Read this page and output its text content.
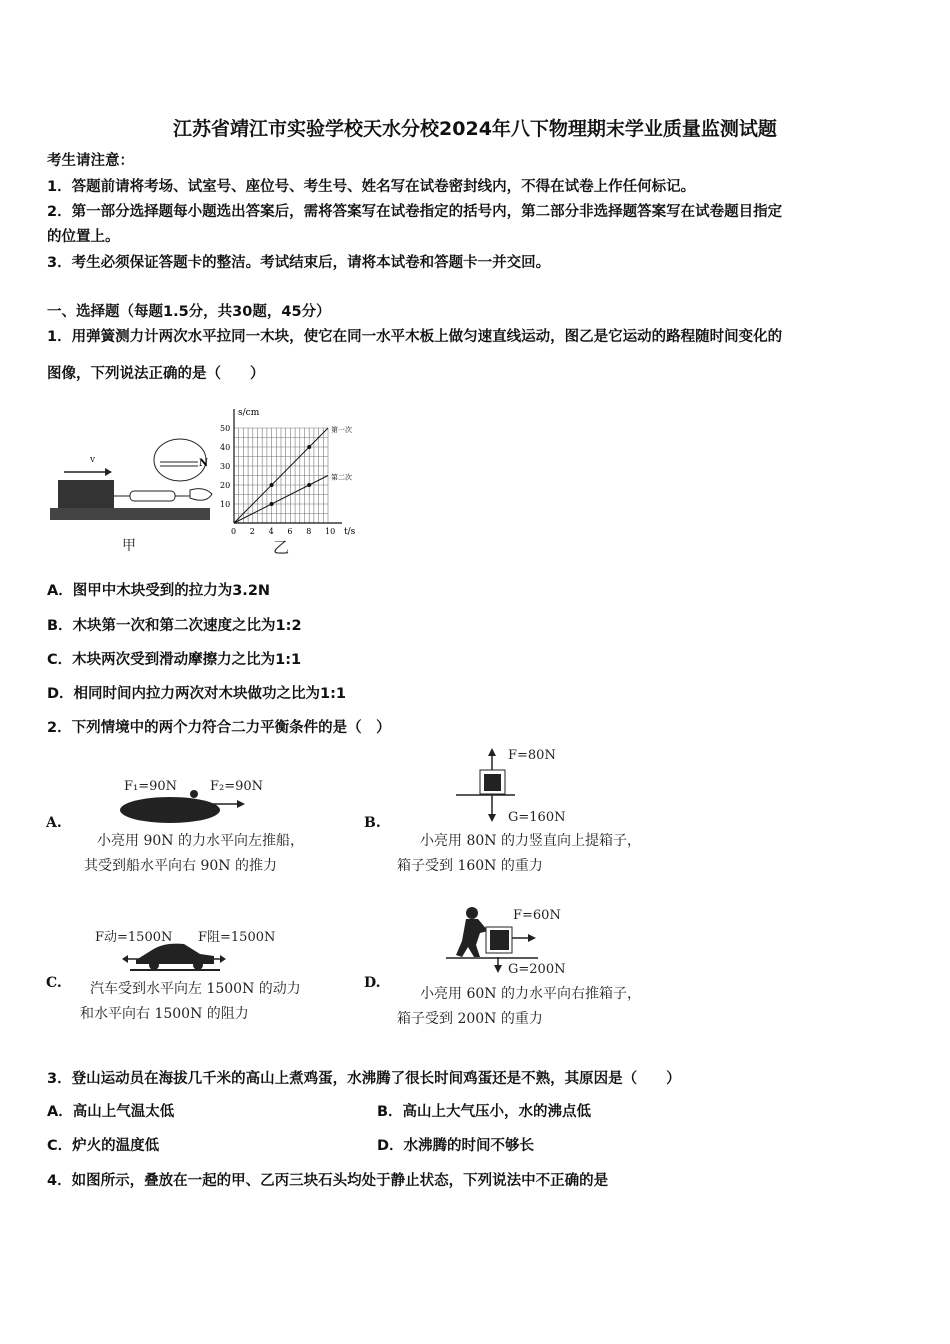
江苏省靖江市实验学校天水分校2024年八下物理期末学业质量监测试题
考生请注意：
1．答题前请将考场、试室号、座位号、考生号、姓名写在试卷密封线内，不得在试卷上作任何标记。
2．第一部分选择题每小题选出答案后，需将答案写在试卷指定的括号内，第二部分非选择题答案写在试卷题目指定
的位置上。
3．考生必须保证答题卡的整洁。考试结束后，请将本试卷和答题卡一并交回。
一、选择题（每题1.5分，共30题，45分）
1．用弹簧测力计两次水平拉同一木块，使它在同一水平木板上做匀速直线运动，图乙是它运动的路程随时间变化的
图像，下列说法正确的是（　　）
N
甲
v
s/cm
t/s
0 2 4 6 8 10
10
20
30
40
50	第一次
第二次
乙
A．图甲中木块受到的拉力为3.2N
B．木块第一次和第二次速度之比为1:2
C．木块两次受到滑动摩擦力之比为1:1
D．相同时间内拉力两次对木块做功之比为1:1
2．下列情境中的两个力符合二力平衡条件的是（　）
A.
F₁=90N	F₂=90N
小亮用 90N 的力水平向左推船，
其受到船水平向右 90N 的推力
B.
F=80N
G=160N
小亮用 80N 的力竖直向上提箱子，
箱子受到 160N 的重力
C.
F动=1500N F阻=1500N
汽车受到水平向左 1500N 的动力
和水平向右 1500N 的阻力
D.
F=60N
G=200N
小亮用 60N 的力水平向右推箱子，
箱子受到 200N 的重力
3．登山运动员在海拔几千米的高山上煮鸡蛋，水沸腾了很长时间鸡蛋还是不熟，其原因是（　　）
A．高山上气温太低	B．高山上大气压小，水的沸点低
C．炉火的温度低	D．水沸腾的时间不够长
4．如图所示，叠放在一起的甲、乙丙三块石头均处于静止状态，下列说法中不正确的是
